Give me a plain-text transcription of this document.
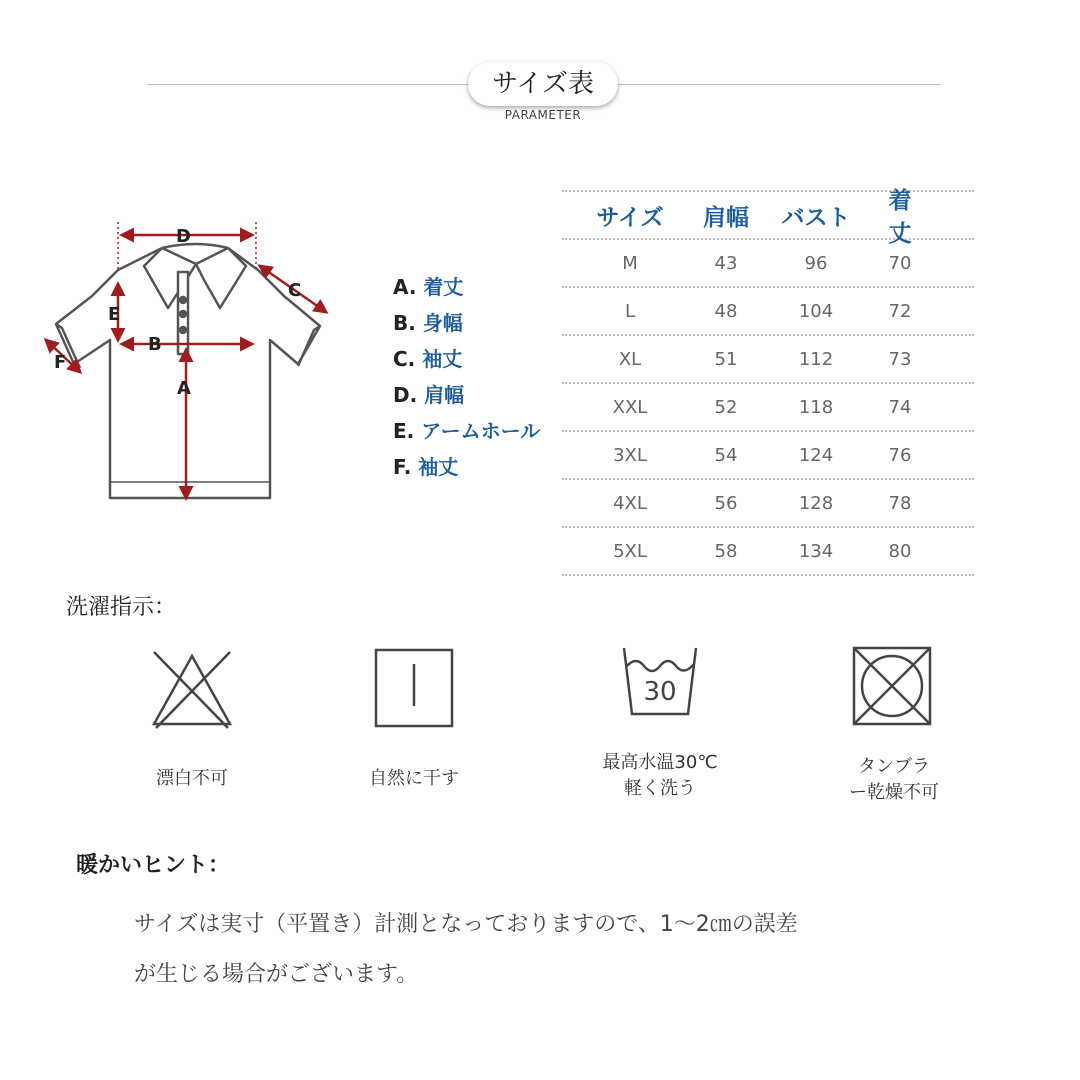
サイズ表
PARAMETER
D
C
E
B
A
F
A. 着丈
B. 身幅
C. 袖丈
D. 肩幅
E. アームホール
F. 袖丈
サイズ	肩幅	バスト
着丈
M	43	96	70
L	48	104	72
XL	51	112	73
XXL	52	118	74
3XL	54	124	76
4XL	56	128	78
5XL	58	134	80
洗濯指示：
30
漂白不可	自然に干す
最高水温30℃
軽く洗う
タンブラ
ー乾燥不可
暖かいヒント：
サイズは実寸（平置き）計測となっておりますので、1～2㎝の誤差
が生じる場合がございます。
